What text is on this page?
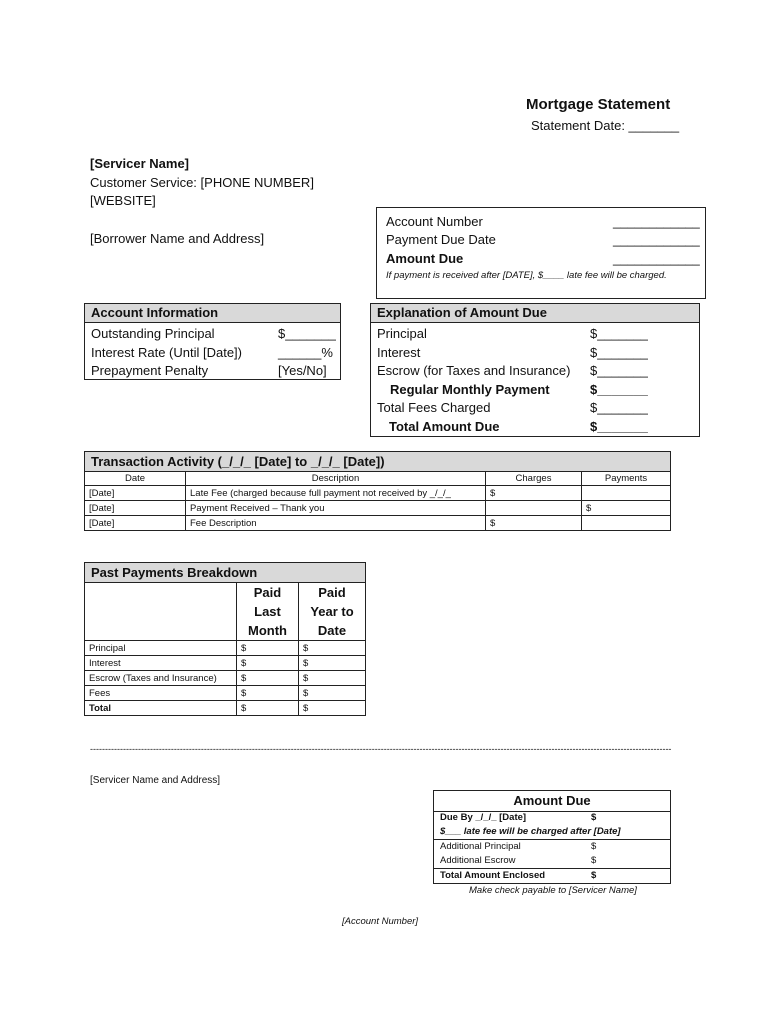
Mortgage Statement
Statement Date: _______
[Servicer Name]
Customer Service: [PHONE NUMBER]
[WEBSITE]
[Borrower Name and Address]
Account Number	____________
Payment Due Date	____________
Amount Due	____________
If payment is received after [DATE], $____ late fee will be charged.
Account Information
Outstanding Principal	$_______
Interest Rate (Until [Date])	______%
Prepayment Penalty	[Yes/No]
Explanation of Amount Due
Principal	$_______
Interest	$_______
Escrow (for Taxes and Insurance) $_______
Regular Monthly Payment	$_______
Total Fees Charged	$_______
Total Amount Due	$_______
Transaction Activity (_/_/_ [Date] to _/_/_ [Date])			
Date	Description	Charges	Payments
[Date]	Late Fee (charged because full payment not received by _/_/_	$	
[Date]	Payment Received – Thank you		$
[Date]	Fee Description	$	
Past Payments Breakdown		
	Paid Last Month	Paid Year to Date
Principal	$	$
Interest	$	$
Escrow (Taxes and Insurance)	$	$
Fees	$	$
Total	$	$
--------------------------------------------------------------------------------------------------------------------------------------------------------------------------------------------------
[Servicer Name and Address]
Amount Due
Due By _/_/_ [Date]	$
$___ late fee will be charged after [Date]
Additional Principal	$
Additional Escrow	$
Total Amount Enclosed	$
Make check payable to [Servicer Name]
[Account Number]
